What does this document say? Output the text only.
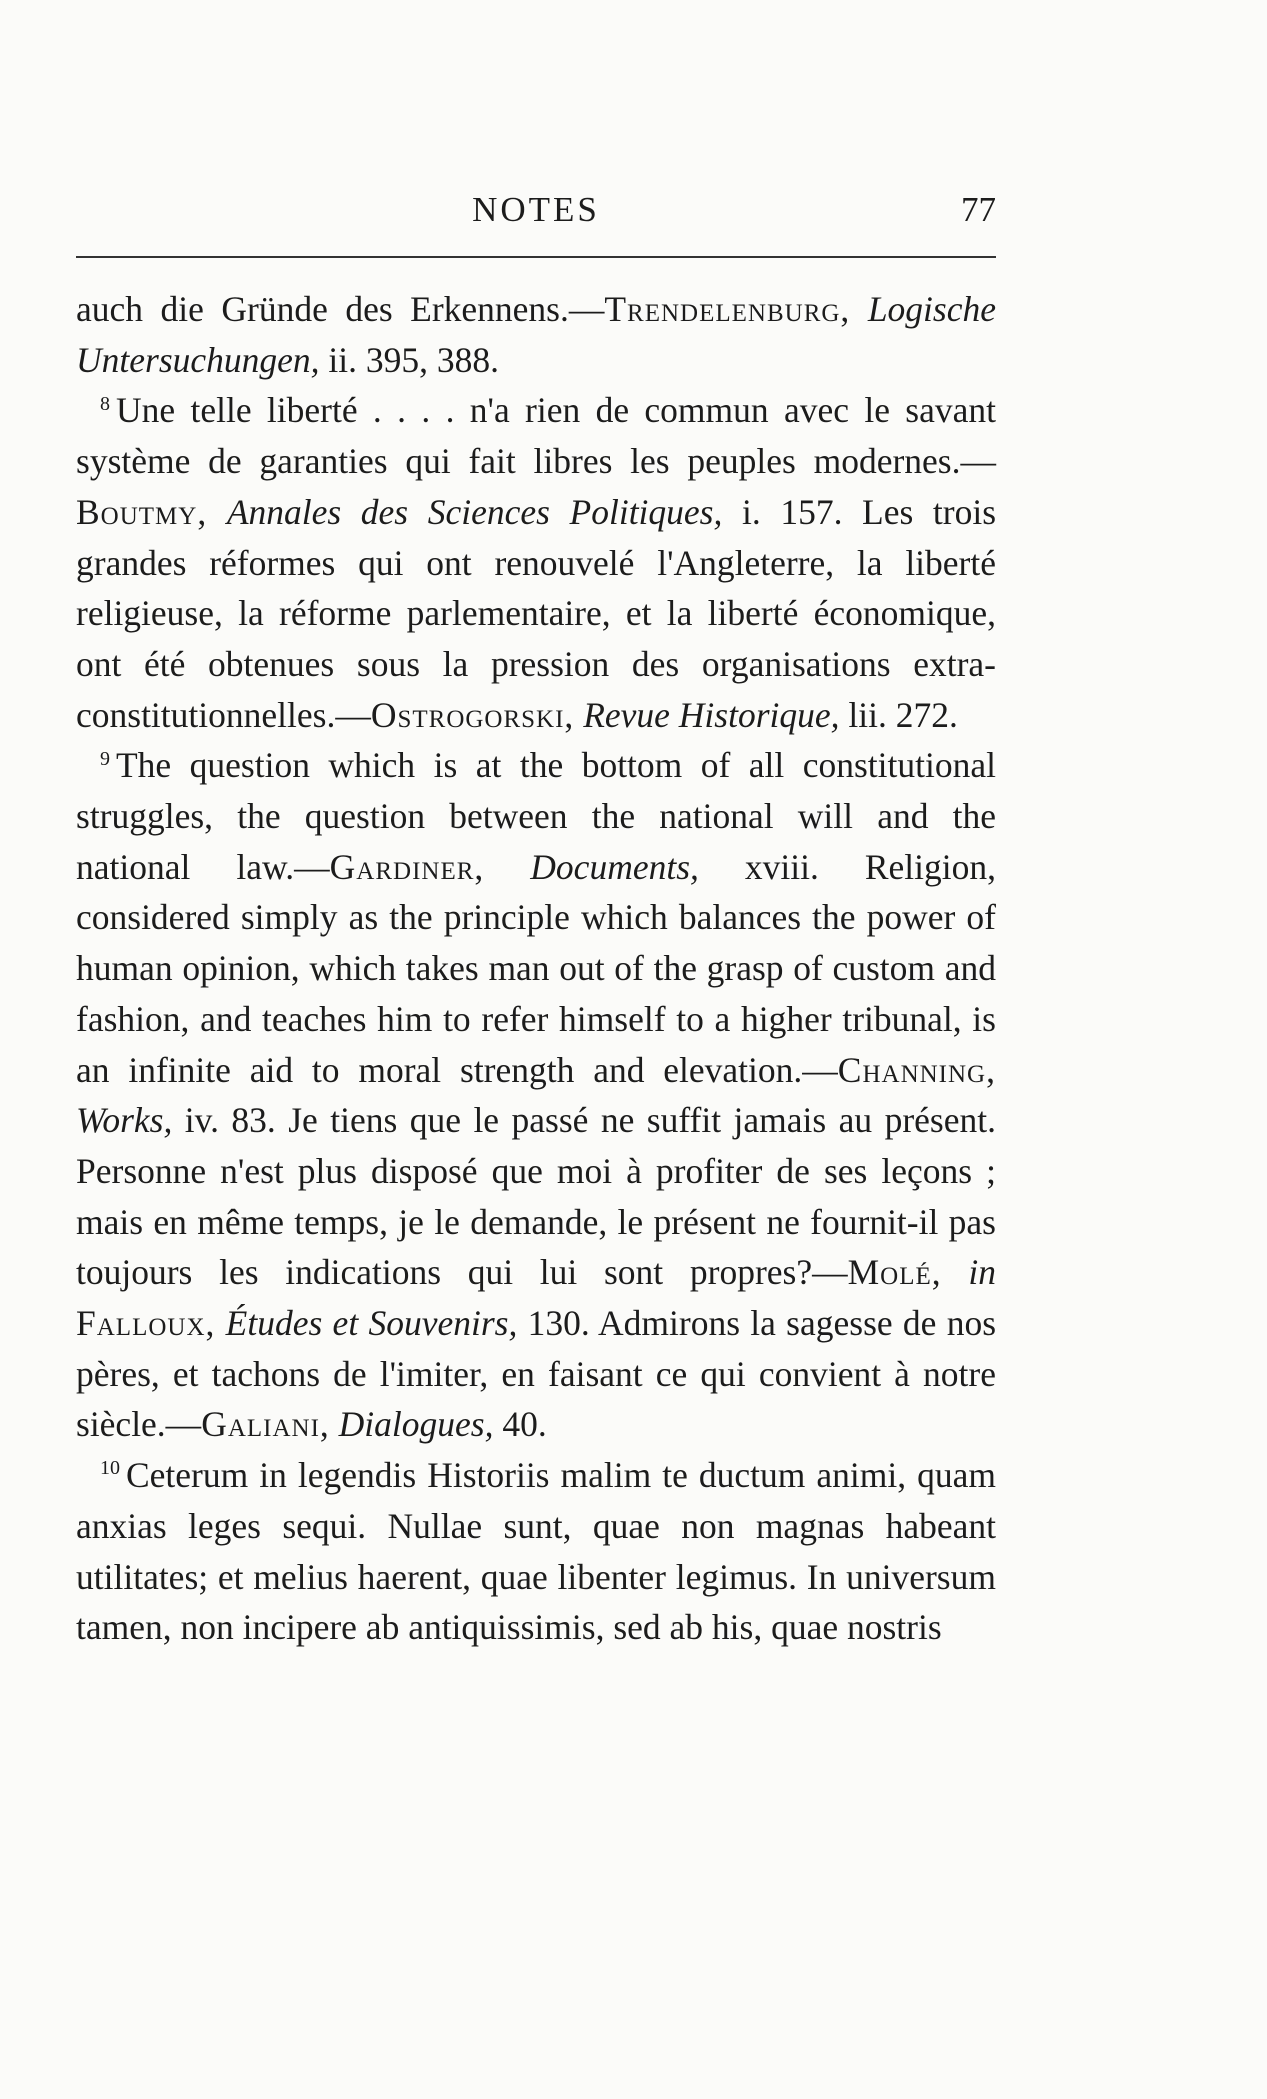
NOTES	77

auch die Gründe des Erkennens.—Trendelenburg, Logische Untersuchungen, ii. 395, 388.

$^8$ Une telle liberté . . . . n'a rien de commun avec le savant système de garanties qui fait libres les peuples modernes.—Boutmy, Annales des Sciences Politiques, i. 157. Les trois grandes réformes qui ont renouvelé l'Angleterre, la liberté religieuse, la réforme parlementaire, et la liberté économique, ont été obtenues sous la pression des organisations extra-constitutionnelles.—Ostrogorski, Revue Historique, lii. 272.

$^9$ The question which is at the bottom of all constitutional struggles, the question between the national will and the national law.—Gardiner, Documents, xviii. Religion, considered simply as the principle which balances the power of human opinion, which takes man out of the grasp of custom and fashion, and teaches him to refer himself to a higher tribunal, is an infinite aid to moral strength and elevation.—Channing, Works, iv. 83. Je tiens que le passé ne suffit jamais au présent. Personne n'est plus disposé que moi à profiter de ses leçons ; mais en même temps, je le demande, le présent ne fournit-il pas toujours les indications qui lui sont propres?—Molé, in Falloux, Études et Souvenirs, 130. Admirons la sagesse de nos pères, et tachons de l'imiter, en faisant ce qui convient à notre siècle.—Galiani, Dialogues, 40.

$^{10}$ Ceterum in legendis Historiis malim te ductum animi, quam anxias leges sequi. Nullae sunt, quae non magnas habeant utilitates; et melius haerent, quae libenter legimus. In universum tamen, non incipere ab antiquissimis, sed ab his, quae nostris
